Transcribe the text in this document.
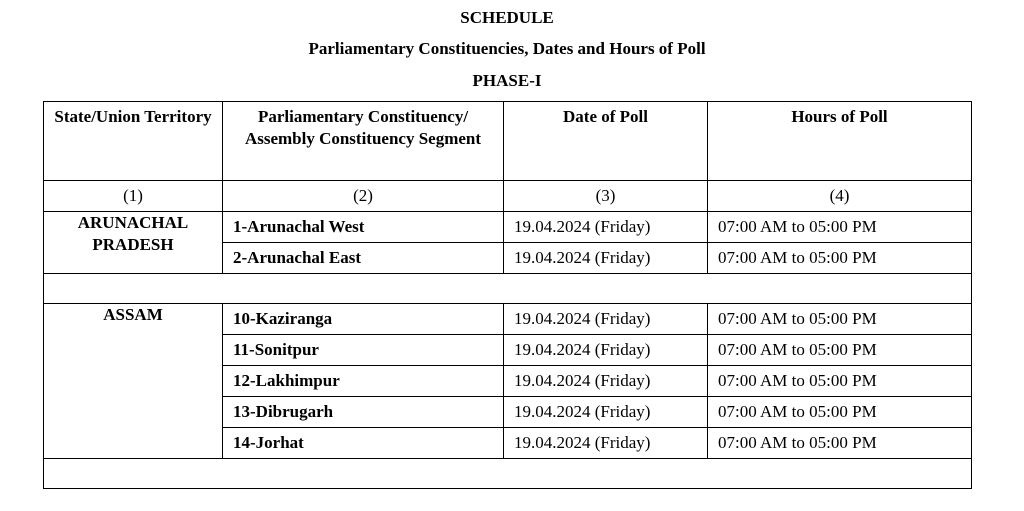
SCHEDULE
Parliamentary Constituencies, Dates and Hours of Poll
PHASE-I
State/Union Territory	Parliamentary Constituency/ Assembly Constituency Segment	Date of Poll	Hours of Poll
(1)	(2)	(3)	(4)
ARUNACHAL PRADESH	1-Arunachal West	19.04.2024 (Friday)	07:00 AM to 05:00 PM
	2-Arunachal East	19.04.2024 (Friday)	07:00 AM to 05:00 PM

ASSAM	10-Kaziranga	19.04.2024 (Friday)	07:00 AM to 05:00 PM
	11-Sonitpur	19.04.2024 (Friday)	07:00 AM to 05:00 PM
	12-Lakhimpur	19.04.2024 (Friday)	07:00 AM to 05:00 PM
	13-Dibrugarh	19.04.2024 (Friday)	07:00 AM to 05:00 PM
	14-Jorhat	19.04.2024 (Friday)	07:00 AM to 05:00 PM
